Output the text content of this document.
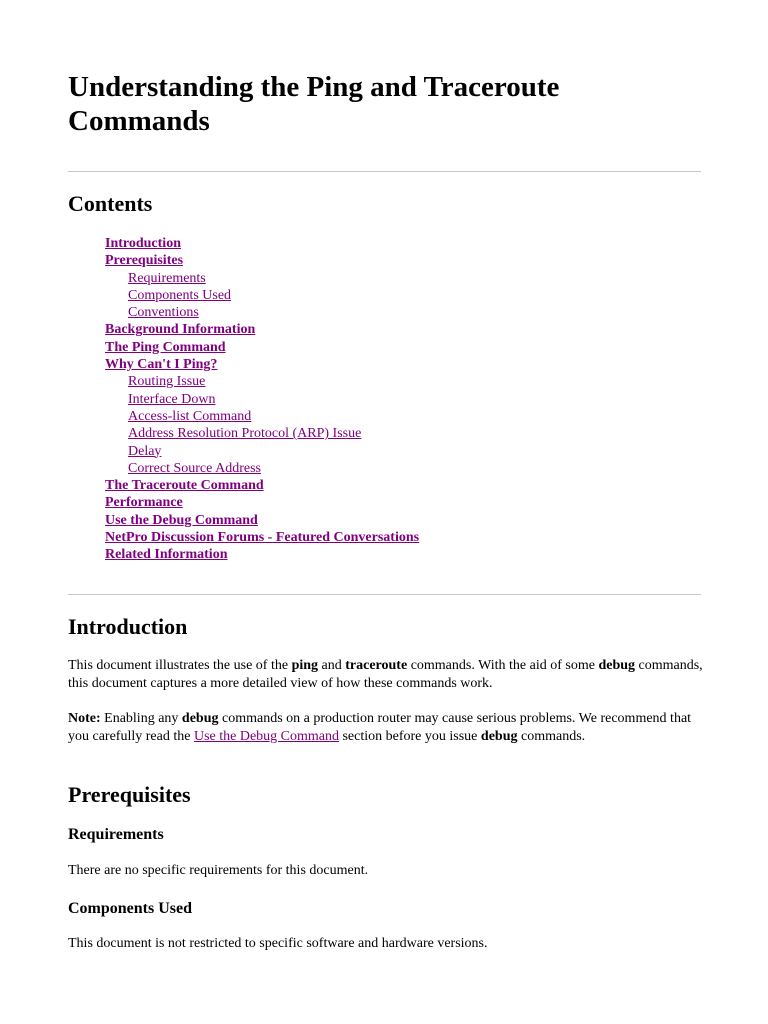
Understanding the Ping and Traceroute Commands
Contents
Introduction
Prerequisites
Requirements
Components Used
Conventions
Background Information
The Ping Command
Why Can't I Ping?
Routing Issue
Interface Down
Access-list Command
Address Resolution Protocol (ARP) Issue
Delay
Correct Source Address
The Traceroute Command
Performance
Use the Debug Command
NetPro Discussion Forums - Featured Conversations
Related Information
Introduction

This document illustrates the use of the ping and traceroute commands. With the aid of some debug commands, this document captures a more detailed view of how these commands work.

Note: Enabling any debug commands on a production router may cause serious problems. We recommend that you carefully read the Use the Debug Command section before you issue debug commands.

Prerequisites
Requirements

There are no specific requirements for this document.

Components Used

This document is not restricted to specific software and hardware versions.
